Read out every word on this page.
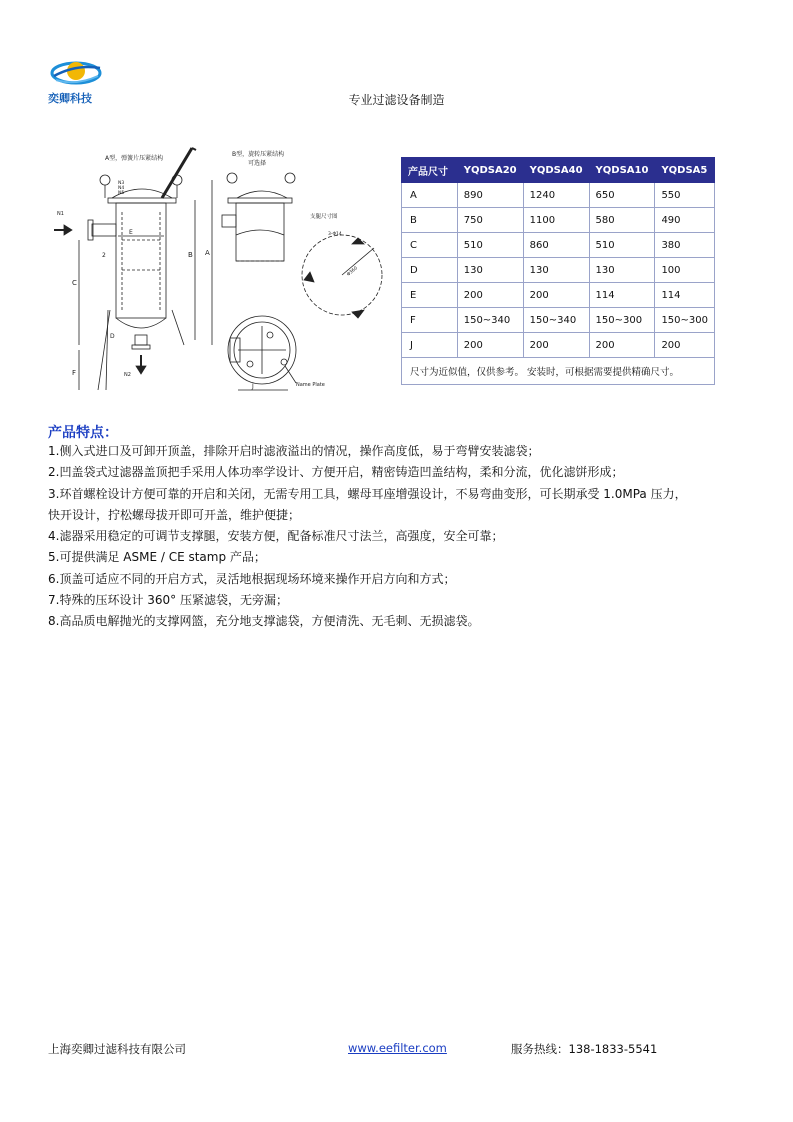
奕卿科技	专业过滤设备制造
A型，弹簧片压紧结构
N1
N2
N3
N4
N5
2
C
F
B A
E
D
B型，旋转压紧结构
可选择
支腿尺寸图
3-Φ14
Φ360
J	Name Plate
产品尺寸	YQDSA20	YQDSA40	YQDSA10	YQDSA5
A	890	1240	650	550
B	750	1100	580	490
C	510	860	510	380
D	130	130	130	100
E	200	200	114	114
F	150~340	150~340	150~300	150~300
J	200	200	200	200
尺寸为近似值，仅供参考。 安装时，可根据需要提供精确尺寸。				
产品特点：

1.侧入式进口及可卸开顶盖，排除开启时滤液溢出的情况，操作高度低，易于弯臂安装滤袋；

2.凹盖袋式过滤器盖顶把手采用人体功率学设计、方便开启，精密铸造凹盖结构，柔和分流，优化滤饼形成；

3.环首螺栓设计方便可靠的开启和关闭，无需专用工具，螺母耳座增强设计，不易弯曲变形，可长期承受 1.0MPa 压力，

快开设计，拧松螺母拔开即可开盖，维护便捷；

4.滤器采用稳定的可调节支撑腿，安装方便，配备标准尺寸法兰，高强度，安全可靠；

5.可提供满足 ASME / CE stamp 产品；

6.顶盖可适应不同的开启方式，灵活地根据现场环境来操作开启方向和方式；

7.特殊的压环设计 360° 压紧滤袋，无旁漏；

8.高品质电解抛光的支撑网篮，充分地支撑滤袋，方便清洗、无毛刺、无损滤袋。

上海奕卿过滤科技有限公司	www.eefilter.com	服务热线：138-1833-5541
